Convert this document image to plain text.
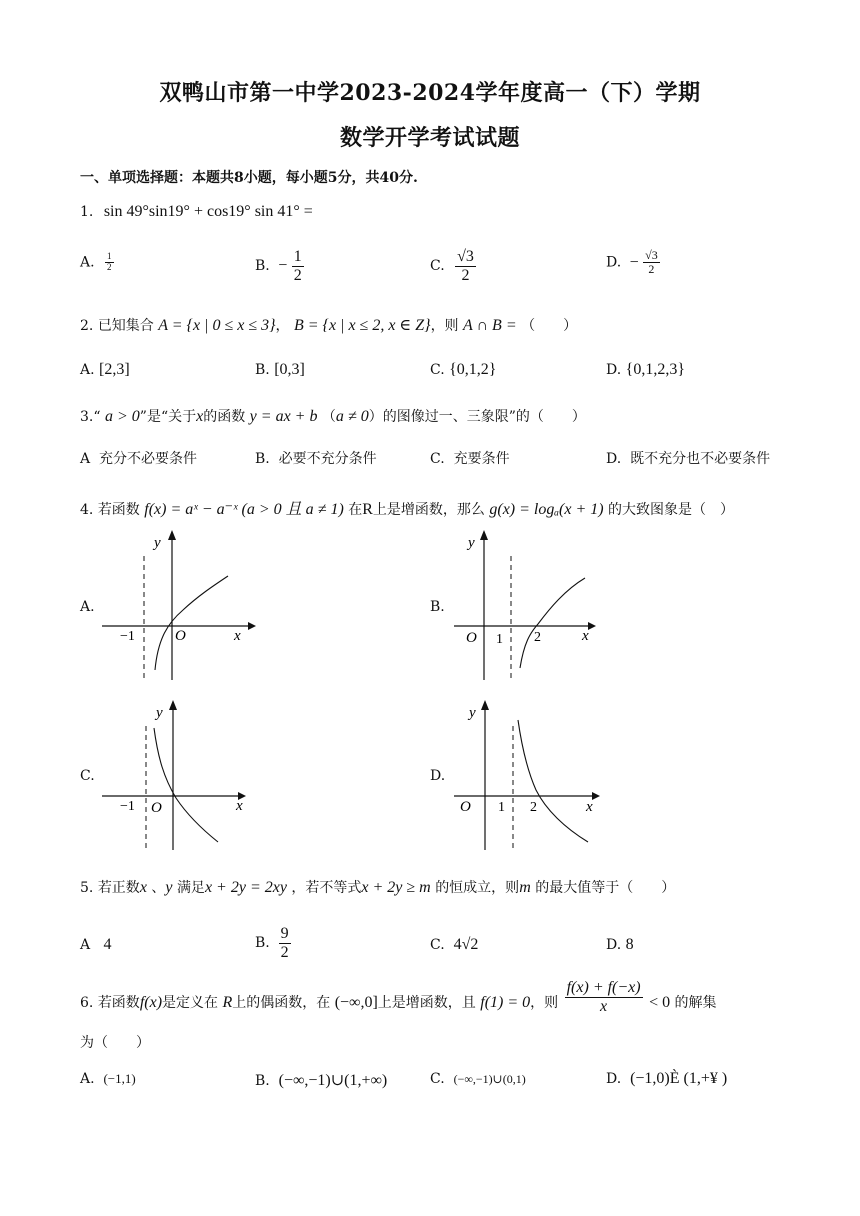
双鸭山市第一中学2023-2024学年度高一（下）学期
数学开学考试试题
一、单项选择题：本题共8小题，每小题5分，共40分.
1. sin 49°sin19° + cos19° sin 41° =
A. $\frac{1}{2}$	B. − $\frac{1}{2}$	C. $\frac{√3}{2}$	D. − $\frac{√3}{2}$
2. 已知集合 A = {x | 0 ≤ x ≤ 3}， B = {x | x ≤ 2, x ∈ Z}，则 A ∩ B = （　　）
A. [2,3]	B. [0,3]	C. {0,1,2}	D. {0,1,2,3}
3.“ a > 0”是“关于x的函数 y = ax + b （a ≠ 0）的图像过一、三象限”的（　　）
A  充分不必要条件	B.  必要不充分条件	C.  充要条件	D.  既不充分也不必要条件
4. 若函数 f(x) = aˣ − a⁻ˣ (a > 0 且 a ≠ 1) 在R上是增函数，那么 g(x) = logₐ(x + 1) 的大致图象是（　）
A.
y
x
O
−1
B.
y
x
O 1 2
C.
y
x
O
−1
D.
y
x
O 1 2
5. 若正数x 、y 满足x + 2y = 2xy ，若不等式x + 2y ≥ m 的恒成立，则m 的最大值等于（　　）
A   4	B. $\frac{9}{2}$	C.  4√2	D. 8
6. 若函数f(x)是定义在 R上的偶函数，在 (−∞,0]上是增函数，且 f(1) = 0，则 $\frac{f(x) + f(-x)}{x} < 0$ 的解集
为（　　）
A.  (−1,1)	B.  (−∞,−1)∪(1,+∞)	C.  (−∞,−1)∪(0,1)	D.  (−1,0)È (1,+¥ )
